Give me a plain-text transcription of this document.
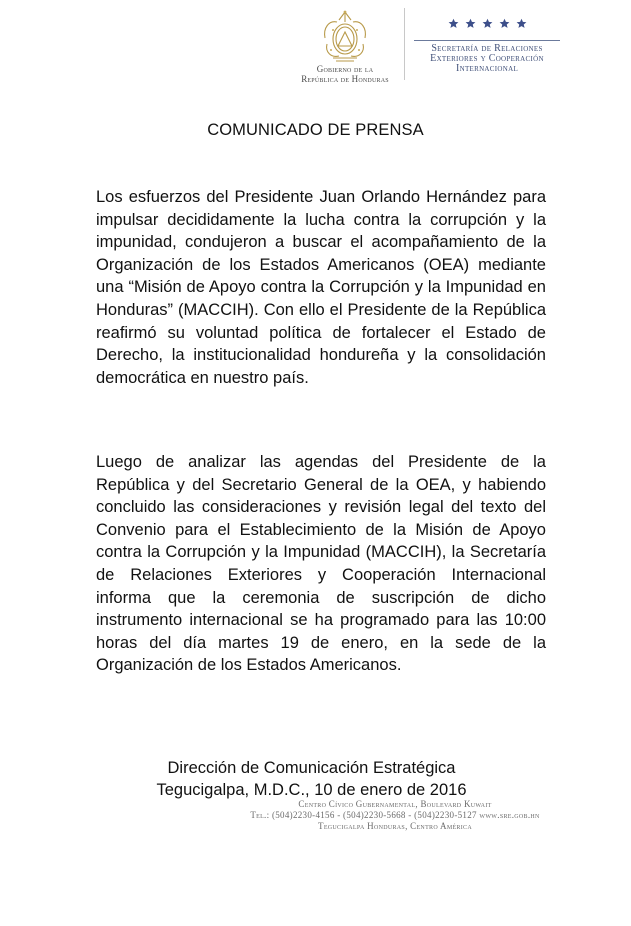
Gobierno de la
República de Honduras
Secretaría de Relaciones
Exteriores y Cooperación
Internacional
COMUNICADO DE PRENSA

Los esfuerzos del Presidente Juan Orlando Hernández para impulsar decididamente la lucha contra la corrupción y la impunidad, condujeron a buscar el acompañamiento de la Organización de los Estados Americanos (OEA) mediante una “Misión de Apoyo contra la Corrupción y la Impunidad en Honduras” (MACCIH). Con ello el Presidente de la República reafirmó su voluntad política de fortalecer el Estado de Derecho, la institucionalidad hondureña y la consolidación democrática en nuestro país.

Luego de analizar las agendas del Presidente de la República y del Secretario General de la OEA, y habiendo concluido las consideraciones y revisión legal del texto del Convenio para el Establecimiento de la Misión de Apoyo contra la Corrupción y la Impunidad (MACCIH), la Secretaría de Relaciones Exteriores y Cooperación Internacional informa que la ceremonia de suscripción de dicho instrumento internacional se ha programado para las 10:00 horas del día martes 19 de enero, en la sede de la Organización de los Estados Americanos.

Dirección de Comunicación Estratégica

Tegucigalpa, M.D.C., 10 de enero de 2016

Centro Cívico Gubernamental, Boulevard Kuwait
Tel.: (504)2230-4156 - (504)2230-5668 - (504)2230-5127 www.sre.gob.hn
Tegucigalpa Honduras, Centro América
